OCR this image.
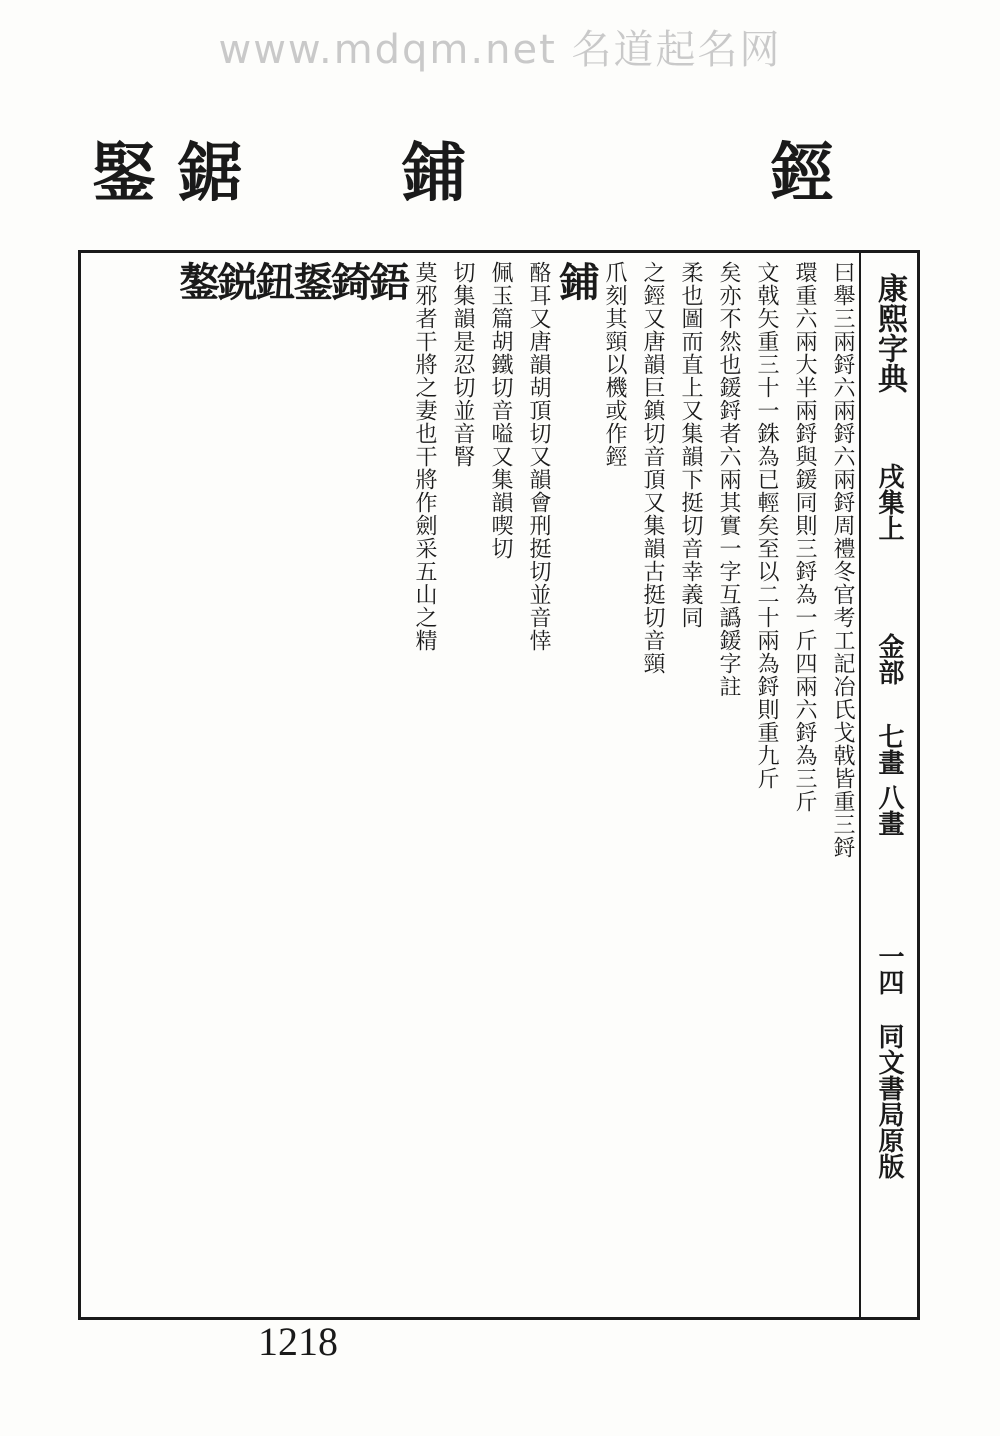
www.mdqm.net 名道起名网
鋞
鋪
鋸
鋻
康熙字典
戌集上
金部
七畫 八畫
一四
同文書局原版
曰舉三兩鋝六兩鋝六兩鋝周禮冬官考工記冶氏戈戟皆重三鋝
環重六兩大半兩鋝與鍰同則三鋝為一斤四兩六鋝為三斤
文戟矢重三十一銖為已輕矣至以二十兩為鋝則重九斤
矣亦不然也鍰鋝者六兩其實一字互譌鍰字註
柔也圖而直上又集韻下挺切音幸義同
之鋞又唐韻巨鎮切音頂又集韻古挺切音頸
爪刻其頸以機或作鋞
鋪
酪耳又唐韻胡頂切又韻會刑挺切並音悻
佩玉篇胡鐵切音嗌又集韻喫切
切集韻是忍切並音腎
莫邪者干將之妻也干將作劍采五山之精
鋙
錡
鋬
鈕
鋭
鏊
1218
